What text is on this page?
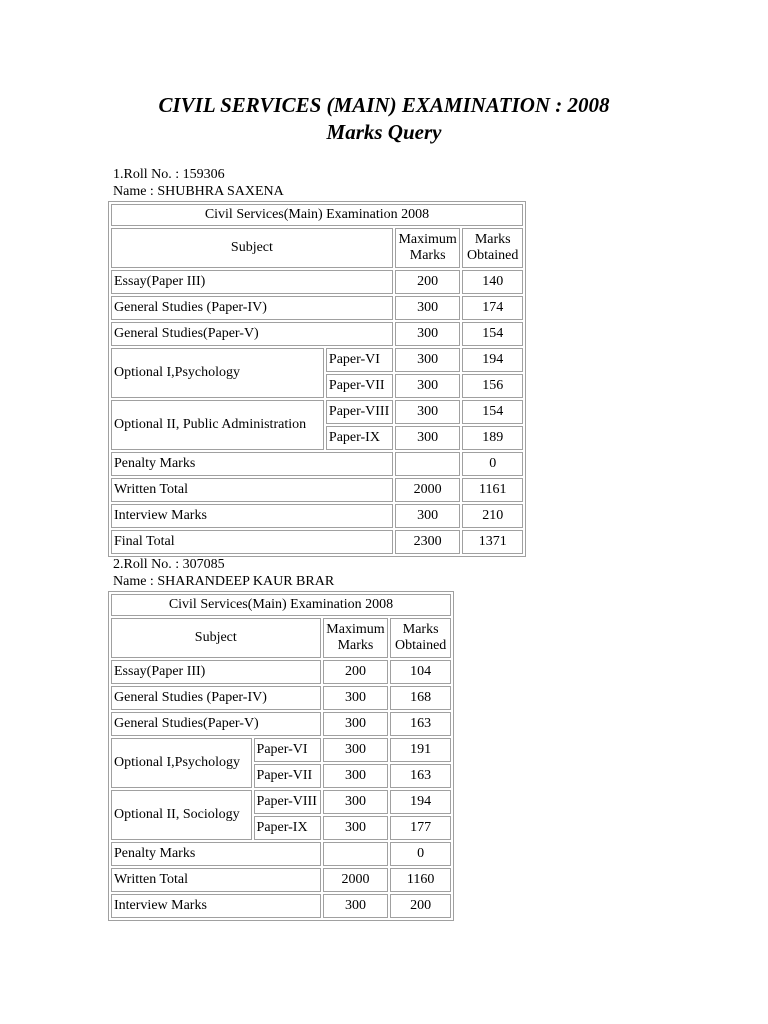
CIVIL SERVICES (MAIN) EXAMINATION : 2008
Marks Query
1.Roll No. : 159306
Name : SHUBHRA SAXENA
Civil Services(Main) Examination 2008			
Subject		Maximum Marks	Marks Obtained
Essay(Paper III)		200	140
General Studies (Paper-IV)		300	174
General Studies(Paper-V)		300	154
Optional I,Psychology	Paper-VI	300	194
	Paper-VII	300	156
Optional II, Public Administration	Paper-VIII	300	154
	Paper-IX	300	189
Penalty Marks			0
Written Total		2000	1161
Interview Marks		300	210
Final Total		2300	1371
2.Roll No. : 307085
Name : SHARANDEEP KAUR BRAR
Civil Services(Main) Examination 2008			
Subject		Maximum Marks	Marks Obtained
Essay(Paper III)		200	104
General Studies (Paper-IV)		300	168
General Studies(Paper-V)		300	163
Optional I,Psychology	Paper-VI	300	191
	Paper-VII	300	163
Optional II, Sociology	Paper-VIII	300	194
	Paper-IX	300	177
Penalty Marks			0
Written Total		2000	1160
Interview Marks		300	200
